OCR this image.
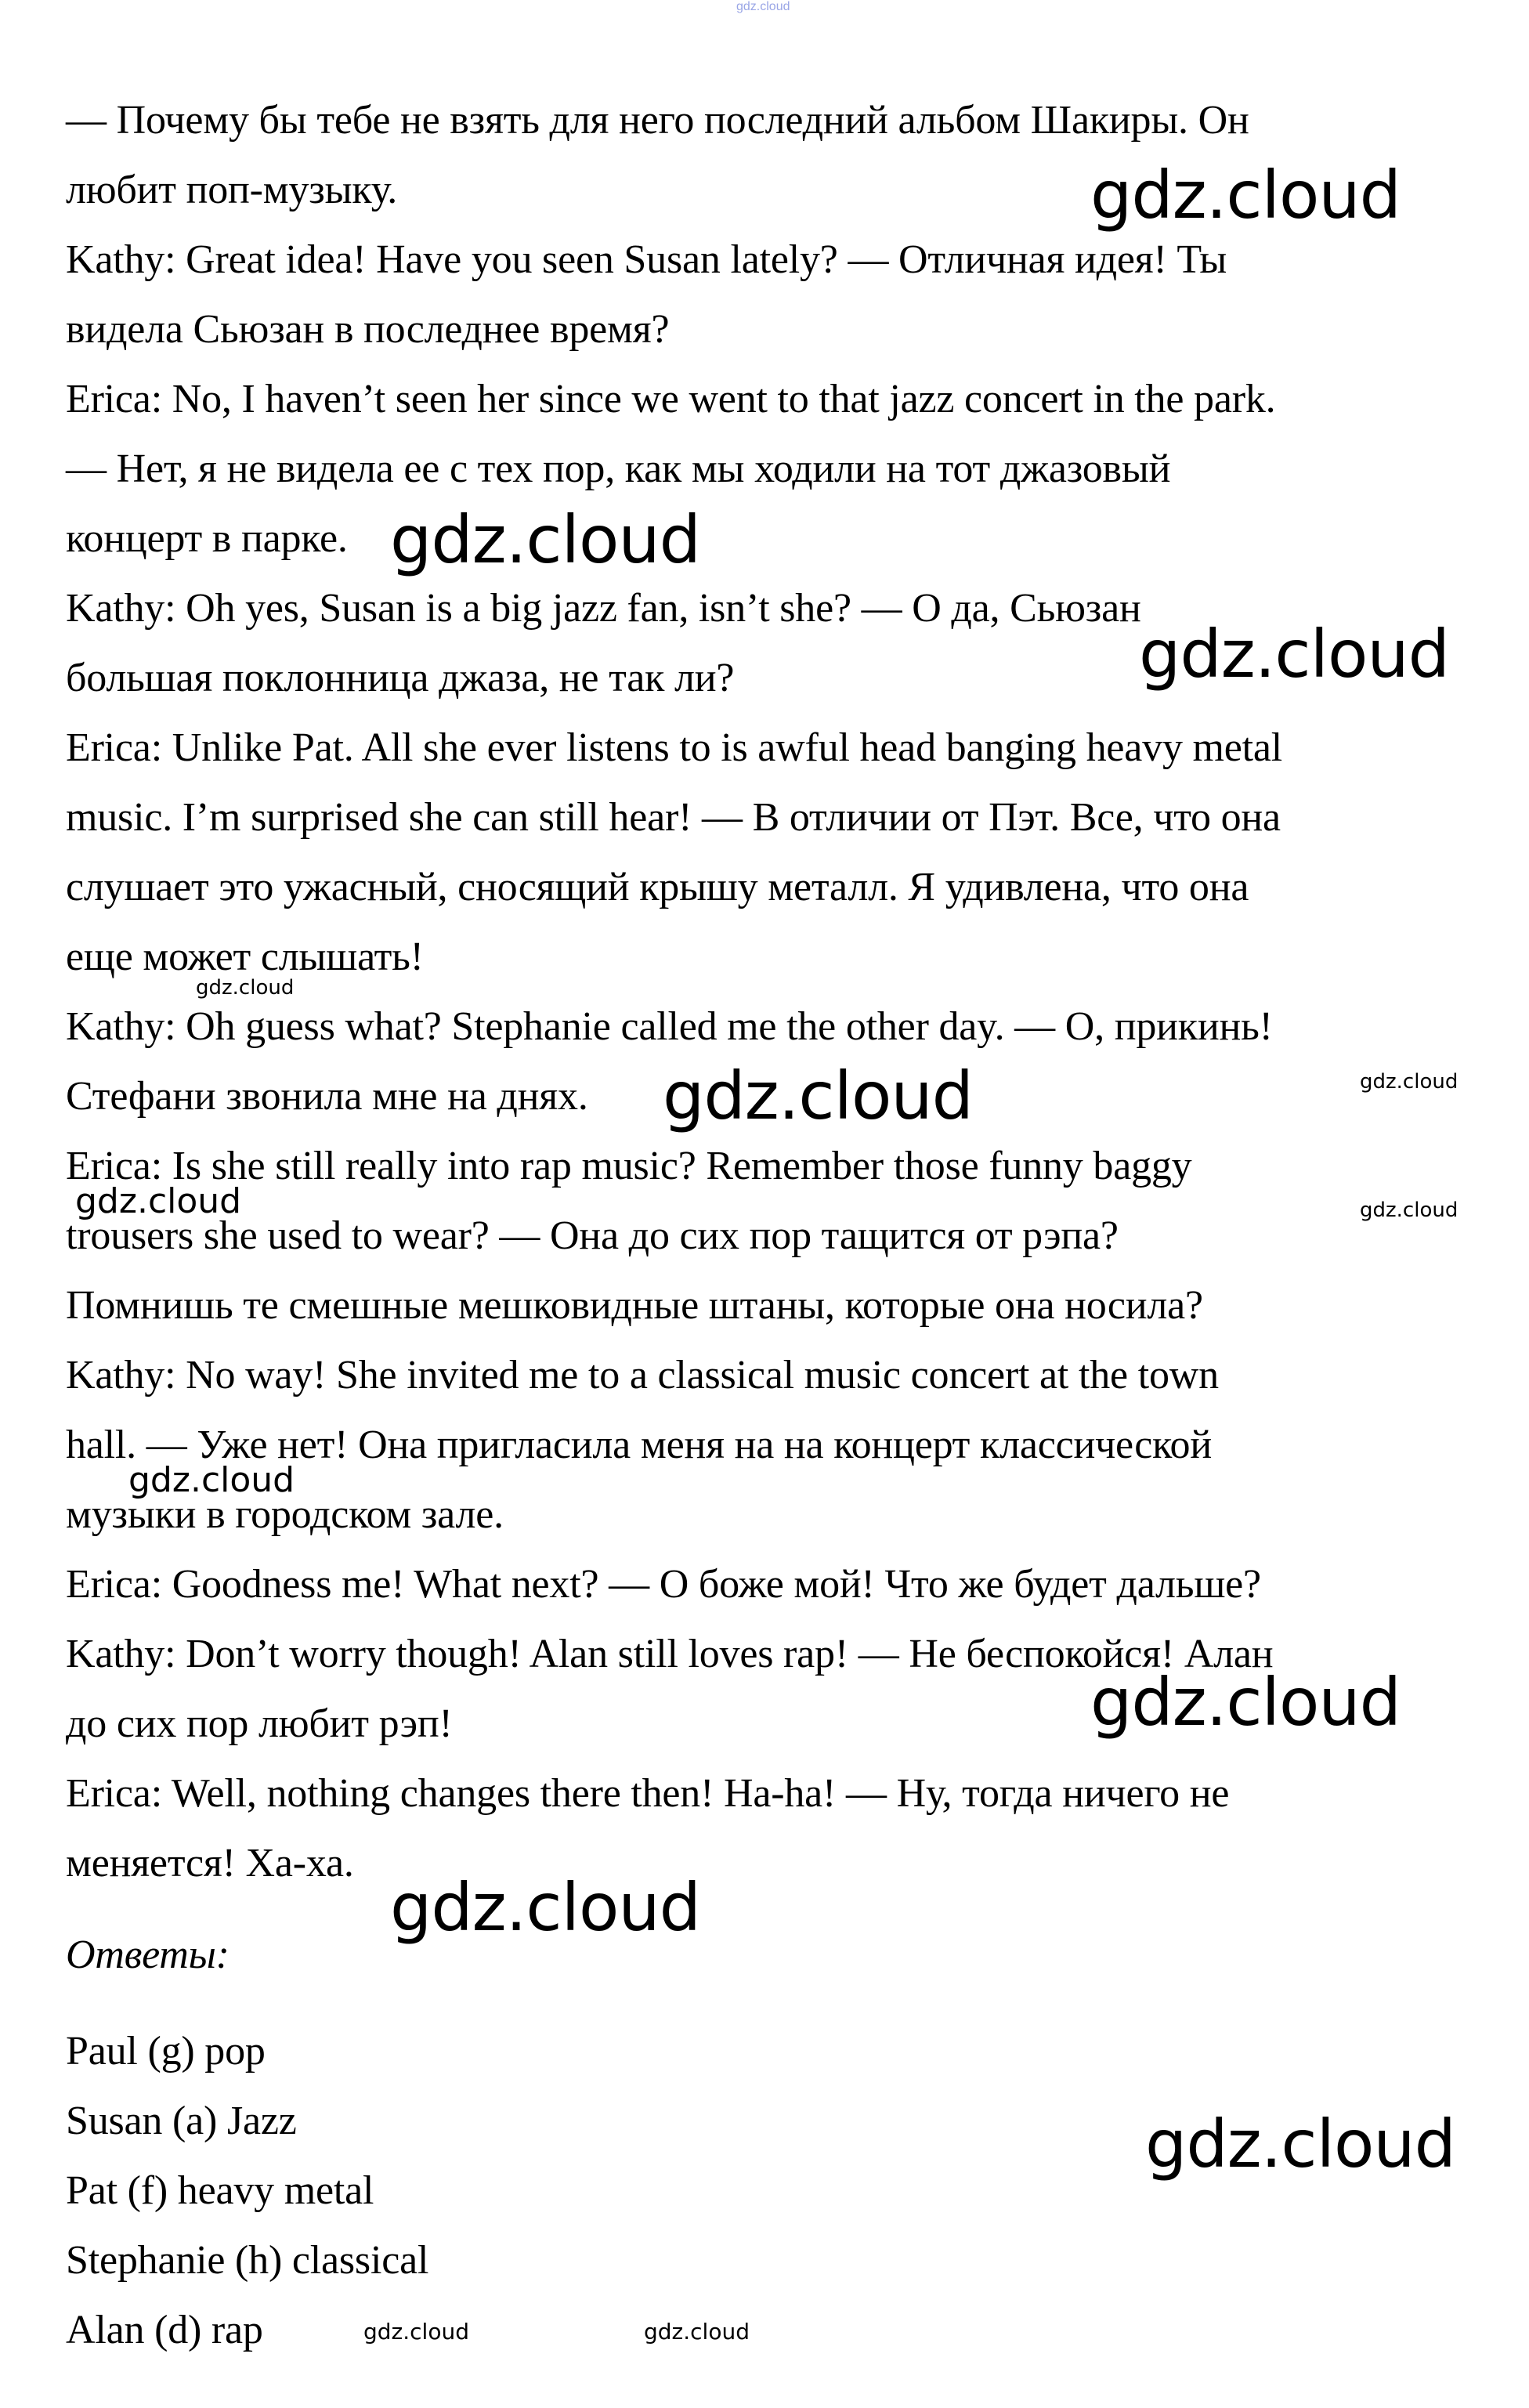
gdz.cloud
— Почему бы тебе не взять для него последний альбом Шакиры. Он
любит поп-музыку.
Kathy: Great idea! Have you seen Susan lately? — Отличная идея! Ты
видела Сьюзан в последнее время?
Erica: No, I haven’t seen her since we went to that jazz concert in the park.
— Нет, я не видела ее с тех пор, как мы ходили на тот джазовый
концерт в парке.
Kathy: Oh yes, Susan is a big jazz fan, isn’t she? — О да, Сьюзан
большая поклонница джаза, не так ли?
Erica: Unlike Pat. All she ever listens to is awful head banging heavy metal
music. I’m surprised she can still hear! — В отличии от Пэт. Все, что она
слушает это ужасный, сносящий крышу металл. Я удивлена, что она
еще может слышать!
Kathy: Oh guess what? Stephanie called me the other day. — О, прикинь!
Стефани звонила мне на днях.
Erica: Is she still really into rap music? Remember those funny baggy
trousers she used to wear? — Она до сих пор тащится от рэпа?
Помнишь те смешные мешковидные штаны, которые она носила?
Kathy: No way! She invited me to a classical music concert at the town
hall. — Уже нет! Она пригласила меня на на концерт классической
музыки в городском зале.
Erica: Goodness me! What next? — О боже мой! Что же будет дальше?
Kathy: Don’t worry though! Alan still loves rap! — Не беспокойся! Алан
до сих пор любит рэп!
Erica: Well, nothing changes there then! Ha-ha! — Ну, тогда ничего не
меняется! Ха-ха.
Ответы:
Paul (g) pop
Susan (a) Jazz
Pat (f) heavy metal
Stephanie (h) classical
Alan (d) rap
gdz.cloud
gdz.cloud
gdz.cloud
gdz.cloud
gdz.cloud	gdz.cloud
gdz.cloud	gdz.cloud
gdz.cloud
gdz.cloud
gdz.cloud
gdz.cloud
gdz.cloud	gdz.cloud
